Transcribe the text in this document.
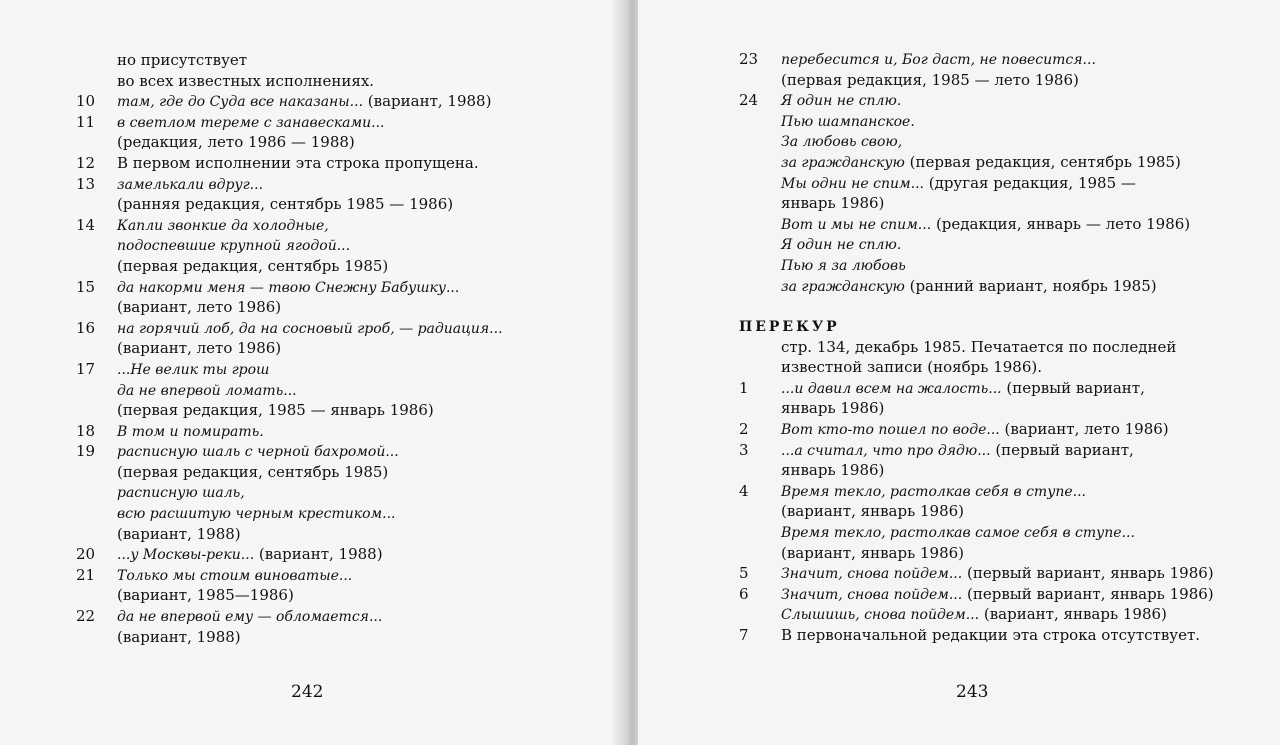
но присутствует
во всех известных исполнениях.
10 там, где до Суда все наказаны... (вариант, 1988)
11 в светлом тереме с занавесками...
(редакция, лето 1986 — 1988)
12 В первом исполнении эта строка пропущена.
13 замелькали вдруг...
(ранняя редакция, сентябрь 1985 — 1986)
14 Капли звонкие да холодные,
подоспевшие крупной ягодой...
(первая редакция, сентябрь 1985)
15 да накорми меня — твою Снежну Бабушку...
(вариант, лето 1986)
16 на горячий лоб, да на сосновый гроб, — радиация...
(вариант, лето 1986)
17 ...Не велик ты грош
да не впервой ломать...
(первая редакция, 1985 — январь 1986)
18 В том и помирать.
19 расписную шаль с черной бахромой...
(первая редакция, сентябрь 1985)
расписную шаль,
всю расшитую черным крестиком...
(вариант, 1988)
20 ...у Москвы-реки... (вариант, 1988)
21 Только мы стоим виноватые...
(вариант, 1985—1986)
22 да не впервой ему — обломается...
(вариант, 1988)
242
23 перебесится и, Бог даст, не повесится...
(первая редакция, 1985 — лето 1986)
24 Я один не сплю.
Пью шампанское.
За любовь свою,
за гражданскую (первая редакция, сентябрь 1985)
Мы одни не спим... (другая редакция, 1985 —
январь 1986)
Вот и мы не спим... (редакция, январь — лето 1986)
Я один не сплю.
Пью я за любовь
за гражданскую (ранний вариант, ноябрь 1985)
ПЕРЕКУР
стр. 134, декабрь 1985. Печатается по последней
известной записи (ноябрь 1986).
1 ...и давил всем на жалость... (первый вариант,
январь 1986)
2 Вот кто-то пошел по воде... (вариант, лето 1986)
3 ...а считал, что про дядю... (первый вариант,
январь 1986)
4 Время текло, растолкав себя в ступе...
(вариант, январь 1986)
Время текло, растолкав самое себя в ступе...
(вариант, январь 1986)
5 Значит, снова пойдем... (первый вариант, январь 1986)
6 Значит, снова пойдем... (первый вариант, январь 1986)
Слышишь, снова пойдем... (вариант, январь 1986)
7 В первоначальной редакции эта строка отсутствует.
243
